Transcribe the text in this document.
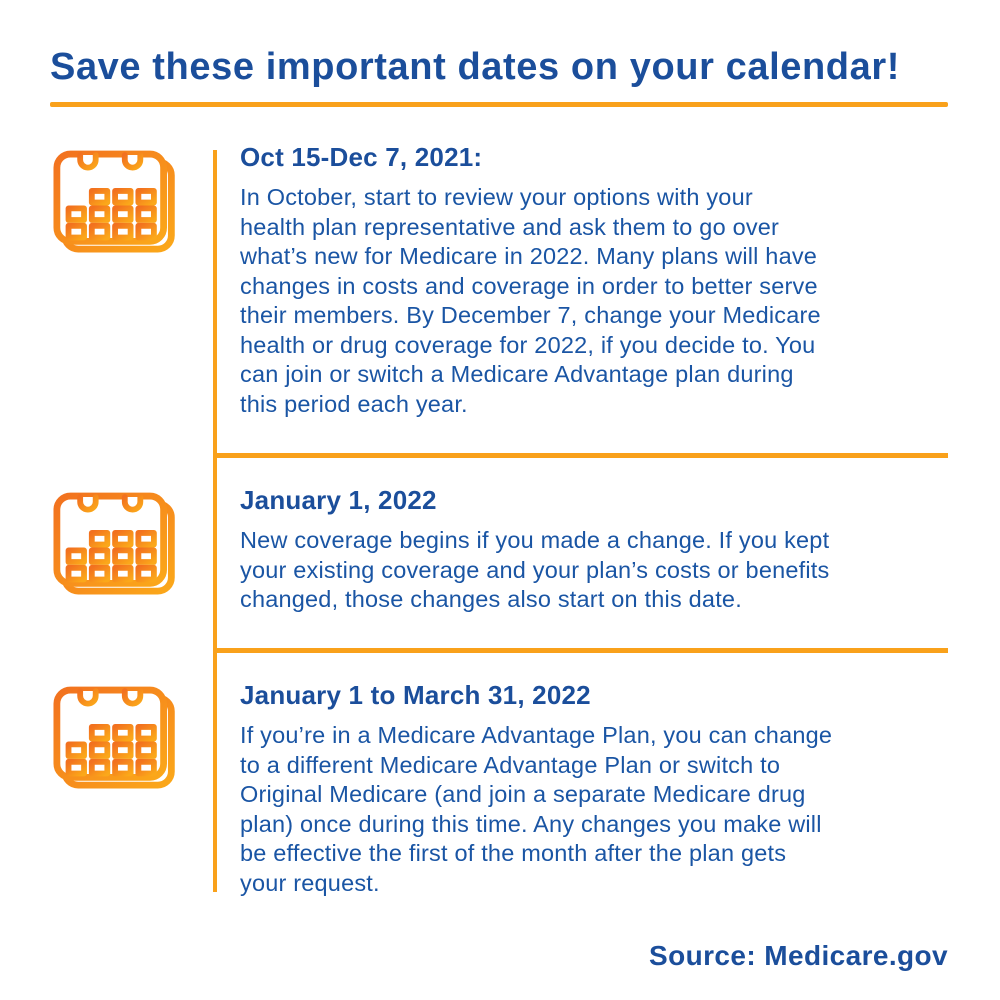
Save these important dates on your calendar!
Oct 15-Dec 7, 2021:

In October, start to review your options with your
health plan representative and ask them to go over
what’s new for Medicare in 2022. Many plans will have
changes in costs and coverage in order to better serve
their members. By December 7, change your Medicare
health or drug coverage for 2022, if you decide to. You
can join or switch a Medicare Advantage plan during
this period each year.

January 1, 2022

New coverage begins if you made a change. If you kept
your existing coverage and your plan’s costs or benefits
changed, those changes also start on this date.

January 1 to March 31, 2022

If you’re in a Medicare Advantage Plan, you can change
to a different Medicare Advantage Plan or switch to
Original Medicare (and join a separate Medicare drug
plan) once during this time. Any changes you make will
be effective the first of the month after the plan gets
your request.

Source: Medicare.gov
